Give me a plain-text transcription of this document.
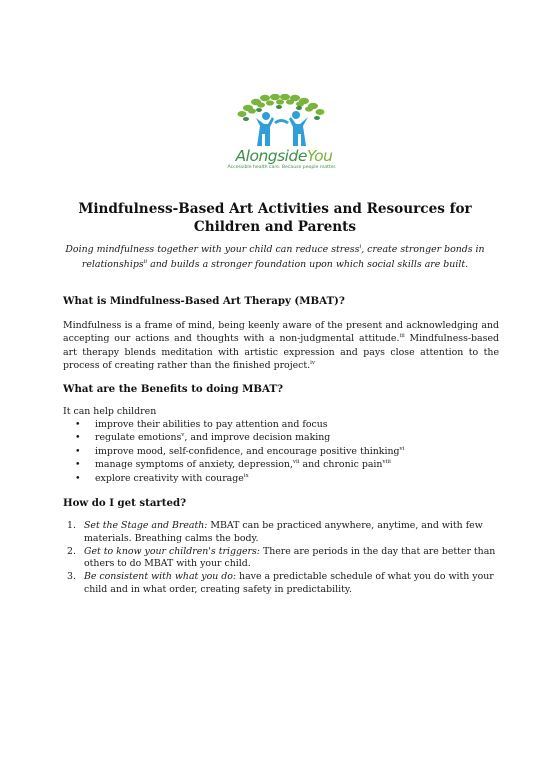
AlongsideYou
Accessible health care. Because people matter.
Mindfulness-Based Art Activities and Resources for
Children and Parents

Doing mindfulness together with your child can reduce stress$^i$, create stronger bonds in relationships$^{ii}$ and builds a stronger foundation upon which social skills are built.

What is Mindfulness-Based Art Therapy (MBAT)?

Mindfulness is a frame of mind, being keenly aware of the present and acknowledging and accepting our actions and thoughts with a non-judgmental attitude.$^{iii}$ Mindfulness-based art therapy blends meditation with artistic expression and pays close attention to the process of creating rather than the finished project.$^{iv}$

What are the Benefits to doing MBAT?

It can help children

• improve their abilities to pay attention and focus
• regulate emotions$^v$, and improve decision making
• improve mood, self-confidence, and encourage positive thinking$^{vi}$
• manage symptoms of anxiety, depression,$^{vii}$ and chronic pain$^{viii}$
• explore creativity with courage$^{ix}$
How do I get started?
1. Set the Stage and Breath: MBAT can be practiced anywhere, anytime, and with few materials. Breathing calms the body.
2. Get to know your children's triggers: There are periods in the day that are better than others to do MBAT with your child.
3. Be consistent with what you do: have a predictable schedule of what you do with your child and in what order, creating safety in predictability.
